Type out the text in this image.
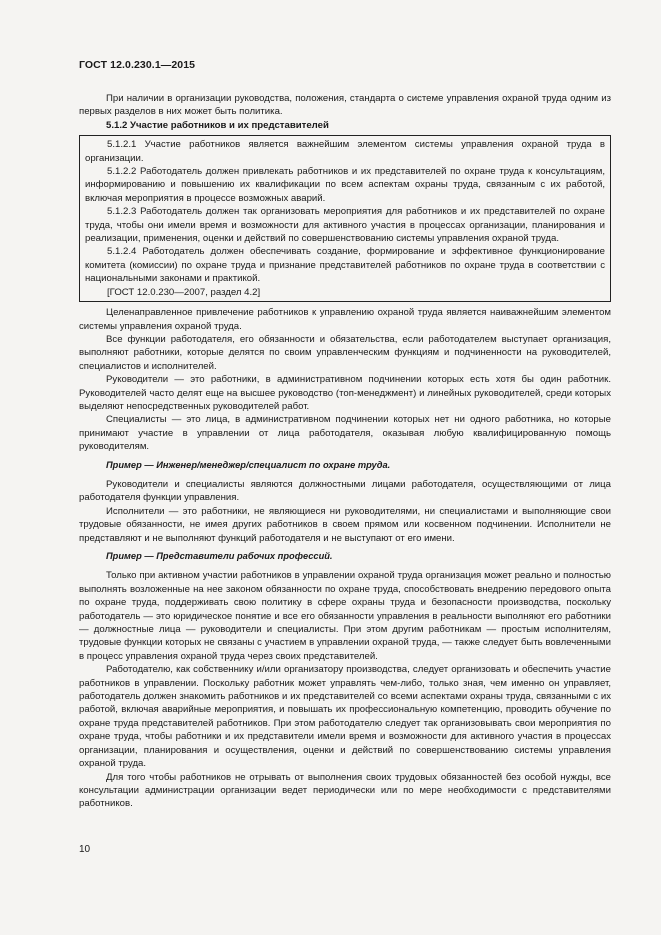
ГОСТ 12.0.230.1—2015

При наличии в организации руководства, положения, стандарта о системе управления охраной труда одним из первых разделов в них может быть политика.

5.1.2 Участие работников и их представителей

5.1.2.1 Участие работников является важнейшим элементом системы управления охраной труда в организации.

5.1.2.2 Работодатель должен привлекать работников и их представителей по охране труда к консультациям, информированию и повышению их квалификации по всем аспектам охраны труда, связанным с их работой, включая мероприятия в процессе возможных аварий.

5.1.2.3 Работодатель должен так организовать мероприятия для работников и их представителей по охране труда, чтобы они имели время и возможности для активного участия в процессах организации, планирования и реализации, применения, оценки и действий по совершенствованию системы управления охраной труда.

5.1.2.4 Работодатель должен обеспечивать создание, формирование и эффективное функционирование комитета (комиссии) по охране труда и признание представителей работников по охране труда в соответствии с национальными законами и практикой.

[ГОСТ 12.0.230—2007, раздел 4.2]

Целенаправленное привлечение работников к управлению охраной труда является наиважнейшим элементом системы управления охраной труда.

Все функции работодателя, его обязанности и обязательства, если работодателем выступает организация, выполняют работники, которые делятся по своим управленческим функциям и подчиненности на руководителей, специалистов и исполнителей.

Руководители — это работники, в административном подчинении которых есть хотя бы один работник. Руководителей часто делят еще на высшее руководство (топ-менеджмент) и линейных руководителей, среди которых выделяют непосредственных руководителей работ.

Специалисты — это лица, в административном подчинении которых нет ни одного работника, но которые принимают участие в управлении от лица работодателя, оказывая любую квалифицированную помощь руководителям.

Пример — Инженер/менеджер/специалист по охране труда.

Руководители и специалисты являются должностными лицами работодателя, осуществляющими от лица работодателя функции управления.

Исполнители — это работники, не являющиеся ни руководителями, ни специалистами и выполняющие свои трудовые обязанности, не имея других работников в своем прямом или косвенном подчинении. Исполнители не представляют и не выполняют функций работодателя и не выступают от его имени.

Пример — Представители рабочих профессий.

Только при активном участии работников в управлении охраной труда организация может реально и полностью выполнять возложенные на нее законом обязанности по охране труда, способствовать внедрению передового опыта по охране труда, поддерживать свою политику в сфере охраны труда и безопасности производства, поскольку работодатель — это юридическое понятие и все его обязанности управления в реальности выполняют его работники — должностные лица — руководители и специалисты. При этом другим работникам — простым исполнителям, трудовые функции которых не связаны с участием в управлении охраной труда, — также следует быть вовлеченными в процесс управления охраной труда через своих представителей.

Работодателю, как собственнику и/или организатору производства, следует организовать и обеспечить участие работников в управлении. Поскольку работник может управлять чем-либо, только зная, чем именно он управляет, работодатель должен знакомить работников и их представителей со всеми аспектами охраны труда, связанными с их работой, включая аварийные мероприятия, и повышать их профессиональную компетенцию, проводить обучение по охране труда представителей работников. При этом работодателю следует так организовывать свои мероприятия по охране труда, чтобы работники и их представители имели время и возможности для активного участия в процессах организации, планирования и осуществления, оценки и действий по совершенствованию системы управления охраной труда.

Для того чтобы работников не отрывать от выполнения своих трудовых обязанностей без особой нужды, все консультации администрации организации ведет периодически или по мере необходимости с представителями работников.

10
